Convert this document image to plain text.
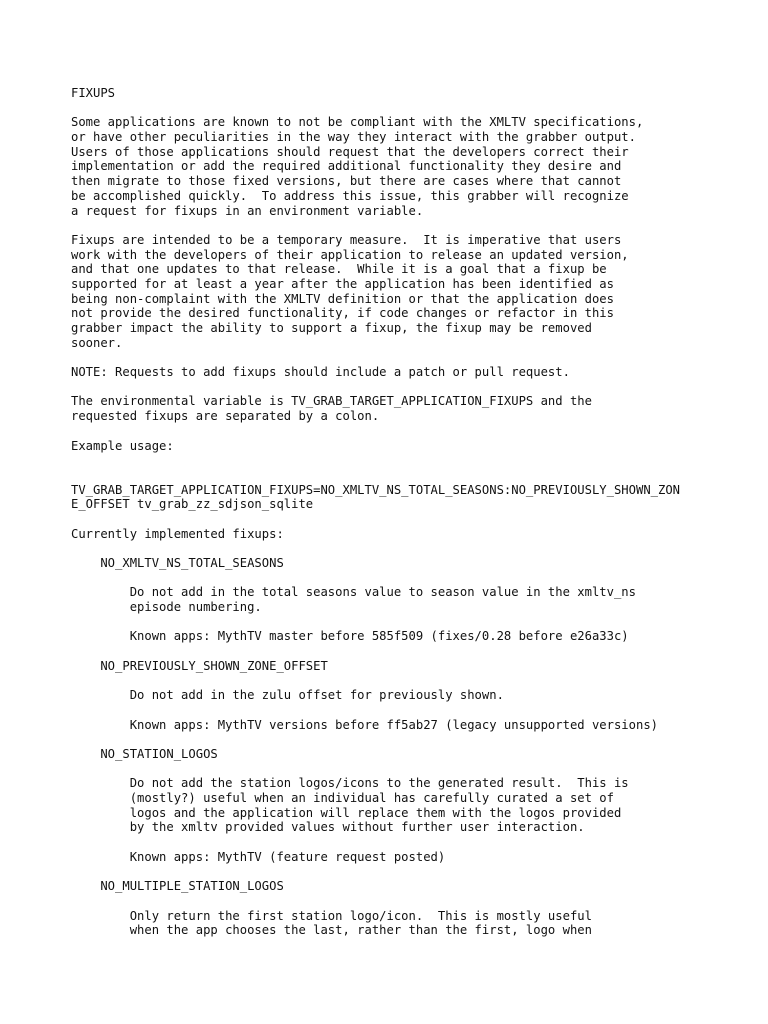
FIXUPS
Some applications are known to not be compliant with the XMLTV specifications,
or have other peculiarities in the way they interact with the grabber output.
Users of those applications should request that the developers correct their
implementation or add the required additional functionality they desire and
then migrate to those fixed versions, but there are cases where that cannot
be accomplished quickly.  To address this issue, this grabber will recognize
a request for fixups in an environment variable.
Fixups are intended to be a temporary measure.  It is imperative that users
work with the developers of their application to release an updated version,
and that one updates to that release.  While it is a goal that a fixup be
supported for at least a year after the application has been identified as
being non-complaint with the XMLTV definition or that the application does
not provide the desired functionality, if code changes or refactor in this
grabber impact the ability to support a fixup, the fixup may be removed
sooner.
NOTE: Requests to add fixups should include a patch or pull request.
The environmental variable is TV_GRAB_TARGET_APPLICATION_FIXUPS and the
requested fixups are separated by a colon.
Example usage:
TV_GRAB_TARGET_APPLICATION_FIXUPS=NO_XMLTV_NS_TOTAL_SEASONS:NO_PREVIOUSLY_SHOWN_ZON
E_OFFSET tv_grab_zz_sdjson_sqlite
Currently implemented fixups:
NO_XMLTV_NS_TOTAL_SEASONS
Do not add in the total seasons value to season value in the xmltv_ns
episode numbering.
Known apps: MythTV master before 585f509 (fixes/0.28 before e26a33c)
NO_PREVIOUSLY_SHOWN_ZONE_OFFSET
Do not add in the zulu offset for previously shown.
Known apps: MythTV versions before ff5ab27 (legacy unsupported versions)
NO_STATION_LOGOS
Do not add the station logos/icons to the generated result.  This is
(mostly?) useful when an individual has carefully curated a set of
logos and the application will replace them with the logos provided
by the xmltv provided values without further user interaction.
Known apps: MythTV (feature request posted)
NO_MULTIPLE_STATION_LOGOS
Only return the first station logo/icon.  This is mostly useful
when the app chooses the last, rather than the first, logo when
